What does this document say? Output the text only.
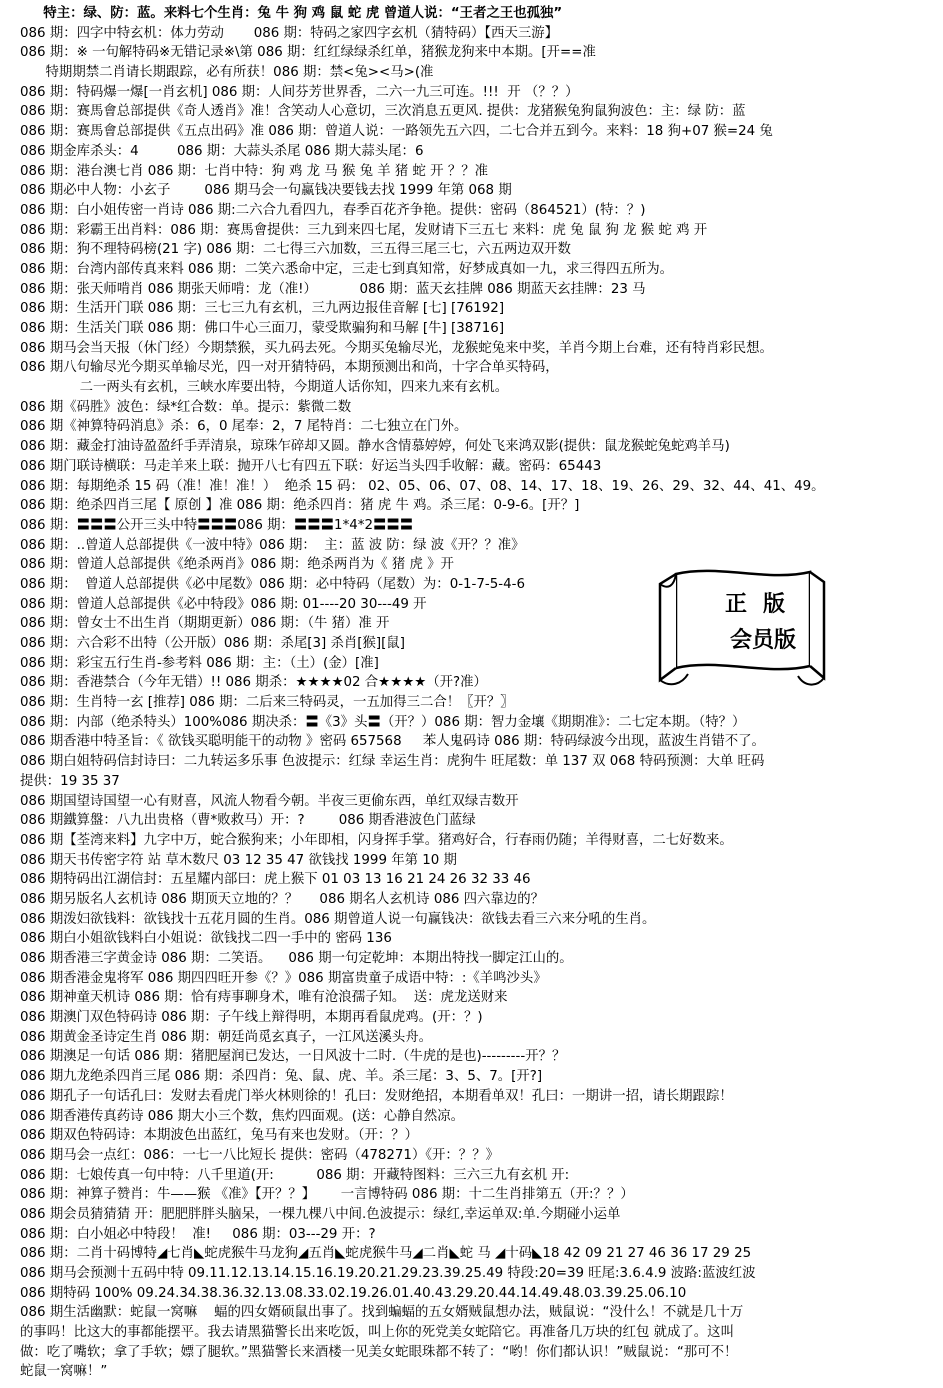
特主：绿、防：蓝。来料七个生肖：兔 牛 狗 鸡 鼠 蛇 虎 曾道人说：“王者之王也孤独”
086 期：四字中特玄机：体力劳动       086 期：特码之家四字玄机（猜特码）【西天三游】
086 期：※ 一句解特码※无错记录※\第 086 期：红红绿绿杀红单，猪猴龙狗来中本期。[开==准
特期期禁二肖请长期跟踪，必有所获！086 期：禁<兔><马>(准
086 期：特码爆一爆[一肖玄机] 086 期：人间芬芳世界香，二六一九三可连。!!!  开 （？？）
086 期：赛馬會总部提供《奇人透肖》准！含笑动人心意切，三次消息五更风. 提供：龙猪猴兔狗鼠狗波色：主：绿 防：蓝
086 期：赛馬會总部提供《五点出码》准 086 期：曾道人说：一路领先五六四，二七合并五到今。来料：18 狗+07 猴=24 兔
086 期金库杀头：4         086 期：大蒜头杀尾 086 期大蒜头尾：6
086 期：港台澳七肖 086 期：七肖中特：狗 鸡 龙 马 猴 兔 羊 猪 蛇 开 ？？准
086 期必中人物：小玄子        086 期马会一句赢钱决要钱去找 1999 年第 068 期
086 期：白小姐传密一肖诗 086 期:二六合九看四九，春季百花齐争艳。提供：密码（864521）(特：？)
086 期：彩霸王出肖料：086 期：赛馬會提供：三九到来四七尾，发财请下三五七 来料：虎 兔 鼠 狗 龙 猴 蛇 鸡 开
086 期：狗不理特码榜(21 字) 086 期：二七得三六加数，三五得三尾三七，六五两边双开数
086 期：台湾内部传真来料 086 期：二笑六悉命中定，三走七到真知常，好梦成真如一九，求三得四五所为。
086 期：张天师啃肖 086 期张天师啃：龙（准!）          086 期：蓝天玄挂牌 086 期蓝天玄挂牌：23 马
086 期：生活开门联 086 期：三七三九有玄机，三九两边报佳音解 [七] [76192]
086 期：生活关门联 086 期：佛口牛心三面刀，蒙受欺骗狗和马解 [牛] [38716]
086 期马会当天报（休门经）今期禁猴，买九码去死。今期买兔输尽光，龙猴蛇兔来中奖，羊肖今期上台难，还有特肖彩民想。
086 期八句输尽光今期买单输尽光，四一对开猜特码，本期预测出和尚，十字合单买特码，
二一两头有玄机，三峡水库要出特，今期道人话你知，四来九来有玄机。
086 期《码胜》波色：绿*红合数：单。提示：紫微二数
086 期《神算特码消息》杀：6，0 尾奉：2，7 尾特肖：二七独立在门外。
086 期：藏金打油诗盈盈纤手弄清泉，琼珠乍碎却又圆。静水含情慕婷婷，何处飞来鸿双影(提供：鼠龙猴蛇兔蛇鸡羊马)
086 期门联诗横联：马走羊来上联：抛开八七有四五下联：好运当头四手收解：藏。密码：65443
086 期：每期绝杀 15 码（准！准！准！）  绝杀 15 码： 02、05、06、07、08、14、17、18、19、26、29、32、44、41、49。
086 期：绝杀四肖三尾【 原创 】准 086 期：绝杀四肖：猪 虎 牛 鸡。杀三尾：0-9-6。[开？]
086 期：〓〓〓公开三头中特〓〓〓086 期：〓〓〓1*4*2〓〓〓
086 期：..曾道人总部提供《一波中特》086 期：  主：蓝 波 防：绿 波《开？？准》
086 期：曾道人总部提供《绝杀两肖》086 期：绝杀两肖为《 猪 虎 》开
086 期：  曾道人总部提供《必中尾数》086 期：必中特码（尾数）为：0-1-7-5-4-6
086 期：曾道人总部提供《必中特段》086 期: 01----20 30---49 开
086 期：曾女士不出生肖（期期更新）086 期：（牛 猪）准 开
086 期：六合彩不出特（公开版）086 期：杀尾[3] 杀肖[猴][鼠]
086 期：彩宝五行生肖-参考料 086 期：主：（土）(金）[准]
086 期：香港禁合（今年无错）!! 086 期杀：★★★★02 合★★★★（开?准）
086 期：生肖特一玄 [推荐] 086 期：二后来三特码灵，一五加得三二合！〖开？〗
086 期：内部（绝杀特头）100%086 期决杀：〓《3》头〓（开？）086 期：智力金壤《期期准》：二七定本期。（特？）
086 期香港中特圣旨：《 欲钱买聪明能干的动物 》密码 657568     苯人鬼码诗 086 期：特码绿波今出现，蓝波生肖错不了。
086 期白姐特码信封诗曰：二九转运多乐事 色波提示：红绿 幸运生肖：虎狗牛 旺尾数：单 137 双 068 特码预测：大单 旺码
提供：19 35 37
086 期国望诗国望一心有财喜，风流人物看今朝。半夜三更偷东西，单红双绿吉数开
086 期鐵算盤：八九出贵格（曹*败救马）开：?        086 期香港波色门蓝绿
086 期【荃湾来料】九字中万，蛇合猴狗来；小年即相，闪身挥手掌。猪鸡好合，行春雨仍随；羊得财喜，二七好数来。
086 期天书传密字符 站 草木数尺 03 12 35 47 欲钱找 1999 年第 10 期
086 期特码出江湖信封：五星耀内部曰：虎上猴下 01 03 13 16 21 24 26 32 33 46
086 期另版名人玄机诗 086 期顶天立地的？？     086 期名人玄机诗 086 四六靠边的？
086 期泼妇欲钱料：欲钱找十五花月圆的生肖。086 期曾道人说一句赢钱决：欲钱去看三六来分吼的生肖。
086 期白小姐欲钱料白小姐说：欲钱找二四一手中的 密码 136
086 期香港三字黄金诗 086 期：二笑语。    086 期一句定乾坤：本期出特找一脚定江山的。
086 期香港金鬼将军 086 期四四旺开参《？》086 期富贵童子成语中特：:《羊鸣沙头》
086 期神童天机诗 086 期：恰有痔事聊身术，唯有沧浪孺子知。  送：虎龙送财来
086 期澳门双色特码诗 086 期：子午线上辩得明，本期再看鼠虎鸡。(开：？)
086 期黄金圣诗定生肖 086 期：朝廷尚觅玄真子，一江风送溪头舟。
086 期澳足一句话 086 期：猪肥屋润已发达，一日风波十二时.（牛虎的是也)---------开？？
086 期九龙绝杀四肖三尾 086 期：杀四肖：兔、鼠、虎、羊。杀三尾：3、5、7。[开?]
086 期孔子一句话孔曰：发财去看虎门举火林则徐的！孔曰：发财绝招，本期看单双！孔曰：一期讲一招，请长期跟踪！
086 期香港传真药诗 086 期大小三个数，焦灼四面观。(送：心静自然凉。
086 期双色特码诗：本期波色出蓝红，兔马有来也发财。（开：？）
086 期马会一点红：086：一七一八比短长 提供：密码（478271）《开：？？》
086 期：七娘传真一句中特：八千里道(开:          086 期：开藏特图料：三六三九有玄机 开:
086 期：神算子赞肖：牛——猴 《准》【开？？】      一言博特码 086 期：十二生肖排第五（开:？？）
086 期会员猜猜猜 开：肥肥胖胖头脑呆，一棵九棵八中间.色波提示：绿红,幸运单双:单.今期碰小运单
086 期：白小姐必中特段！  准!     086 期：03---29 开：?
086 期：二肖十码博特◢七肖◣蛇虎猴牛马龙狗◢五肖◣蛇虎猴牛马◢二肖◣蛇 马 ◢十码◣18 42 09 21 27 46 36 17 29 25
086 期马会预测十五码中特 09.11.12.13.14.15.16.19.20.21.29.23.39.25.49 特段:20=39 旺尾:3.6.4.9 波路:蓝波红波
086 期特码 100% 09.24.34.38.36.32.13.08.33.02.19.26.01.40.43.29.20.44.14.49.48.03.39.25.06.10
086 期生活幽默：蛇鼠一窝嘛    蝠的四女婿硕鼠出事了。找到蝙蝠的五女婿贼鼠想办法，贼鼠说：“没什么！不就是几十万
的事吗！比这大的事都能摆平。我去请黑猫警长出来吃饭，叫上你的死党美女蛇陪它。再准备几万块的红包 就成了。这叫
做：吃了嘴软；拿了手软；嫖了腿软。”黑猫警长来酒楼一见美女蛇眼珠都不转了：“哟！你们都认识！”贼鼠说：“那可不！
蛇鼠一窝嘛！”
正版
会员版
